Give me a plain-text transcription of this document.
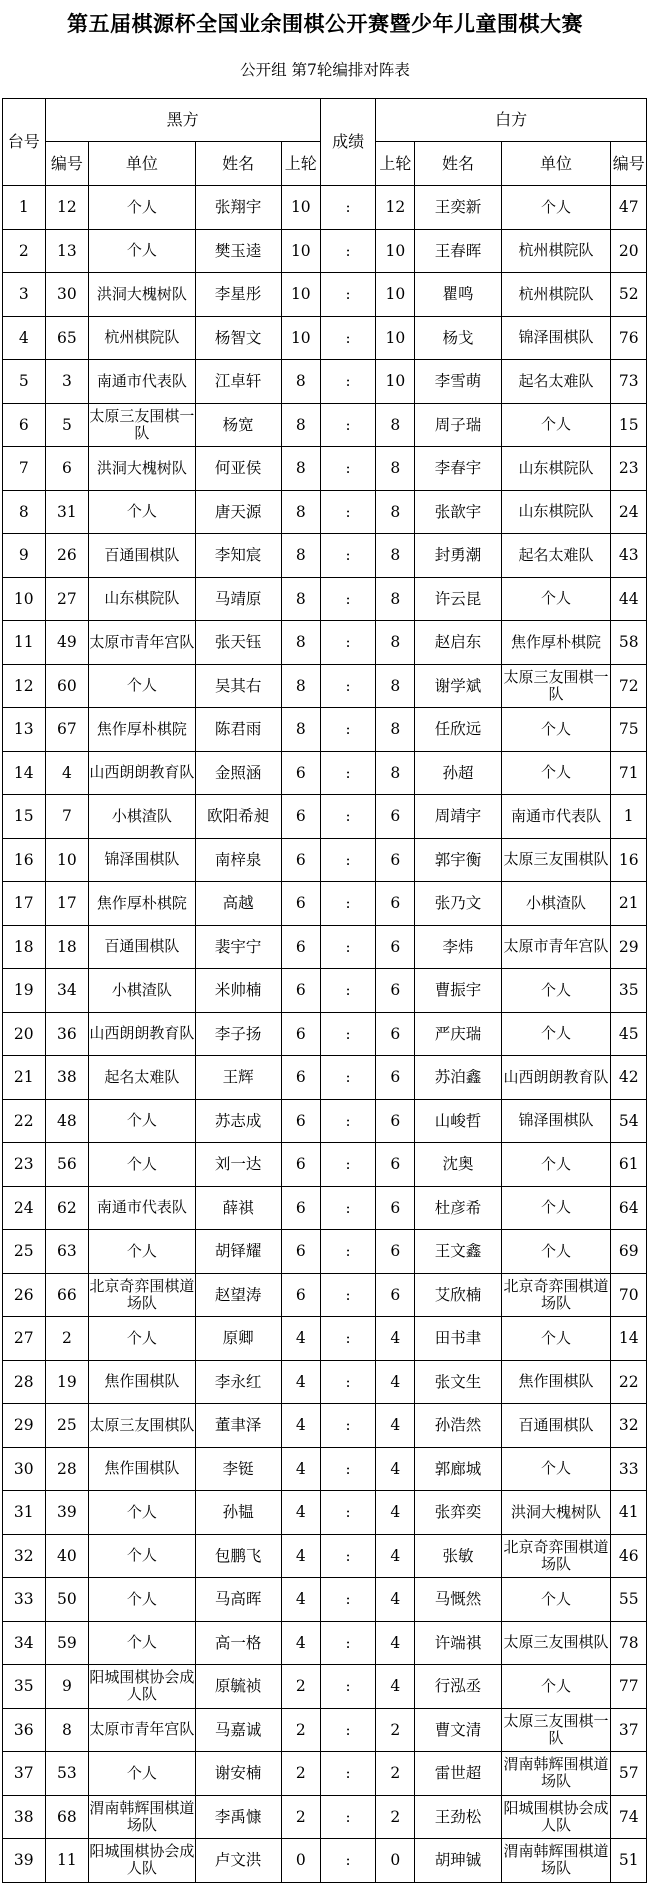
第五届棋源杯全国业余围棋公开赛暨少年儿童围棋大赛
公开组 第7轮编排对阵表
台号	黑方				成绩	白方			
	编号	单位	姓名	上轮		上轮	姓名	单位	编号
1	12	个人	张翔宇	10	:	12	王奕新	个人	47
2	13	个人	樊玉逵	10	:	10	王春晖	杭州棋院队	20
3	30	洪洞大槐树队	李星彤	10	:	10	瞿鸣	杭州棋院队	52
4	65	杭州棋院队	杨智文	10	:	10	杨戈	锦泽围棋队	76
5	3	南通市代表队	江卓轩	8	:	10	李雪萌	起名太难队	73
6	5	太原三友围棋一队	杨宽	8	:	8	周子瑞	个人	15
7	6	洪洞大槐树队	何亚侯	8	:	8	李春宇	山东棋院队	23
8	31	个人	唐天源	8	:	8	张歆宇	山东棋院队	24
9	26	百通围棋队	李知宸	8	:	8	封勇潮	起名太难队	43
10	27	山东棋院队	马靖原	8	:	8	许云昆	个人	44
11	49	太原市青年宫队	张天钰	8	:	8	赵启东	焦作厚朴棋院	58
12	60	个人	吴其右	8	:	8	谢学斌	太原三友围棋一队	72
13	67	焦作厚朴棋院	陈君雨	8	:	8	任欣远	个人	75
14	4	山西朗朗教育队	金照涵	6	:	8	孙超	个人	71
15	7	小棋渣队	欧阳希昶	6	:	6	周靖宇	南通市代表队	1
16	10	锦泽围棋队	南梓泉	6	:	6	郭宇衡	太原三友围棋队	16
17	17	焦作厚朴棋院	高越	6	:	6	张乃文	小棋渣队	21
18	18	百通围棋队	裴宇宁	6	:	6	李炜	太原市青年宫队	29
19	34	小棋渣队	米帅楠	6	:	6	曹振宇	个人	35
20	36	山西朗朗教育队	李子扬	6	:	6	严庆瑞	个人	45
21	38	起名太难队	王辉	6	:	6	苏泊鑫	山西朗朗教育队	42
22	48	个人	苏志成	6	:	6	山峻哲	锦泽围棋队	54
23	56	个人	刘一达	6	:	6	沈奥	个人	61
24	62	南通市代表队	薛祺	6	:	6	杜彦希	个人	64
25	63	个人	胡铎耀	6	:	6	王文鑫	个人	69
26	66	北京奇弈围棋道场队	赵望涛	6	:	6	艾欣楠	北京奇弈围棋道场队	70
27	2	个人	原卿	4	:	4	田书聿	个人	14
28	19	焦作围棋队	李永红	4	:	4	张文生	焦作围棋队	22
29	25	太原三友围棋队	董聿泽	4	:	4	孙浩然	百通围棋队	32
30	28	焦作围棋队	李铤	4	:	4	郭廊城	个人	33
31	39	个人	孙韫	4	:	4	张弈奕	洪洞大槐树队	41
32	40	个人	包鹏飞	4	:	4	张敏	北京奇弈围棋道场队	46
33	50	个人	马高晖	4	:	4	马慨然	个人	55
34	59	个人	高一格	4	:	4	许端祺	太原三友围棋队	78
35	9	阳城围棋协会成人队	原毓祯	2	:	4	行泓丞	个人	77
36	8	太原市青年宫队	马嘉诚	2	:	2	曹文清	太原三友围棋一队	37
37	53	个人	谢安楠	2	:	2	雷世超	渭南韩辉围棋道场队	57
38	68	渭南韩辉围棋道场队	李禹慷	2	:	2	王劲松	阳城围棋协会成人队	74
39	11	阳城围棋协会成人队	卢文洪	0	:	0	胡珅铖	渭南韩辉围棋道场队	51
